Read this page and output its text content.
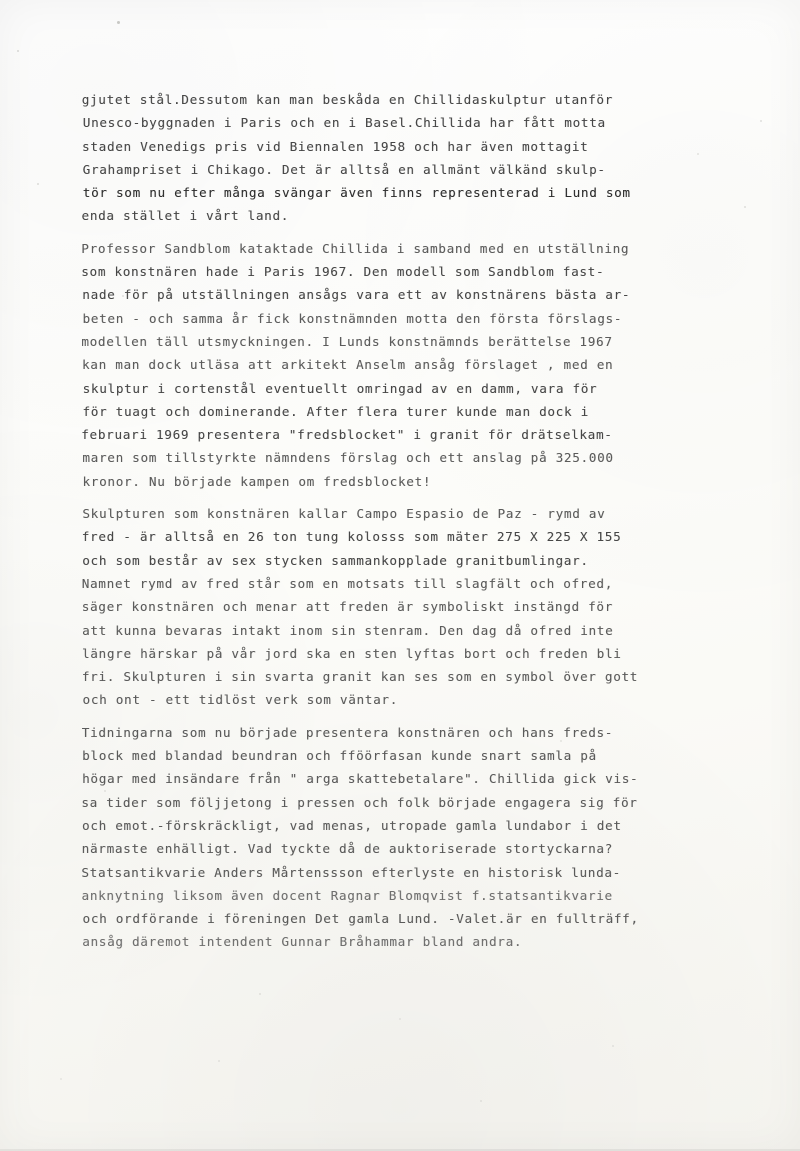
gjutet stål.Dessutom kan man beskåda en Chillidaskulptur utanför
Unesco-byggnaden i Paris och en i Basel.Chillida har fått motta
staden Venedigs pris vid Biennalen 1958 och har även mottagit
Grahampriset i Chikago. Det är alltså en allmänt välkänd skulp-
tör som nu efter många svängar även finns representerad i Lund som
enda stället i vårt land.
Professor Sandblom kataktade Chillida i samband med en utställning
som konstnären hade i Paris 1967. Den modell som Sandblom fast-
nade för på utställningen ansågs vara ett av konstnärens bästa ar-
beten - och samma år fick konstnämnden motta den första förslags-
modellen täll utsmyckningen. I Lunds konstnämnds berättelse 1967
kan man dock utläsa att arkitekt Anselm ansåg förslaget , med en
skulptur i cortenstål eventuellt omringad av en damm, vara för
för tuagt och dominerande. After flera turer kunde man dock i
februari 1969 presentera "fredsblocket" i granit för drätselkam-
maren som tillstyrkte nämndens förslag och ett anslag på 325.000
kronor. Nu började kampen om fredsblocket!
Skulpturen som konstnären kallar Campo Espasio de Paz - rymd av
fred - är alltså en 26 ton tung kolosss som mäter 275 X 225 X 155
och som består av sex stycken sammankopplade granitbumlingar.
Namnet rymd av fred står som en motsats till slagfält och ofred,
säger konstnären och menar att freden är symboliskt instängd för
att kunna bevaras intakt inom sin stenram. Den dag då ofred inte
längre härskar på vår jord ska en sten lyftas bort och freden bli
fri. Skulpturen i sin svarta granit kan ses som en symbol över gott
och ont - ett tidlöst verk som väntar.
Tidningarna som nu började presentera konstnären och hans freds-
block med blandad beundran och fföörfasan kunde snart samla på
högar med insändare från " arga skattebetalare". Chillida gick vis-
sa tider som följjetong i pressen och folk började engagera sig för
och emot.-förskräckligt, vad menas, utropade gamla lundabor i det
närmaste enhälligt. Vad tyckte då de auktoriserade stortyckarna?
Statsantikvarie Anders Mårtenssson efterlyste en historisk lunda-
anknytning liksom även docent Ragnar Blomqvist f.statsantikvarie
och ordförande i föreningen Det gamla Lund. -Valet.är en fullträff,
ansåg däremot intendent Gunnar Bråhammar bland andra.
